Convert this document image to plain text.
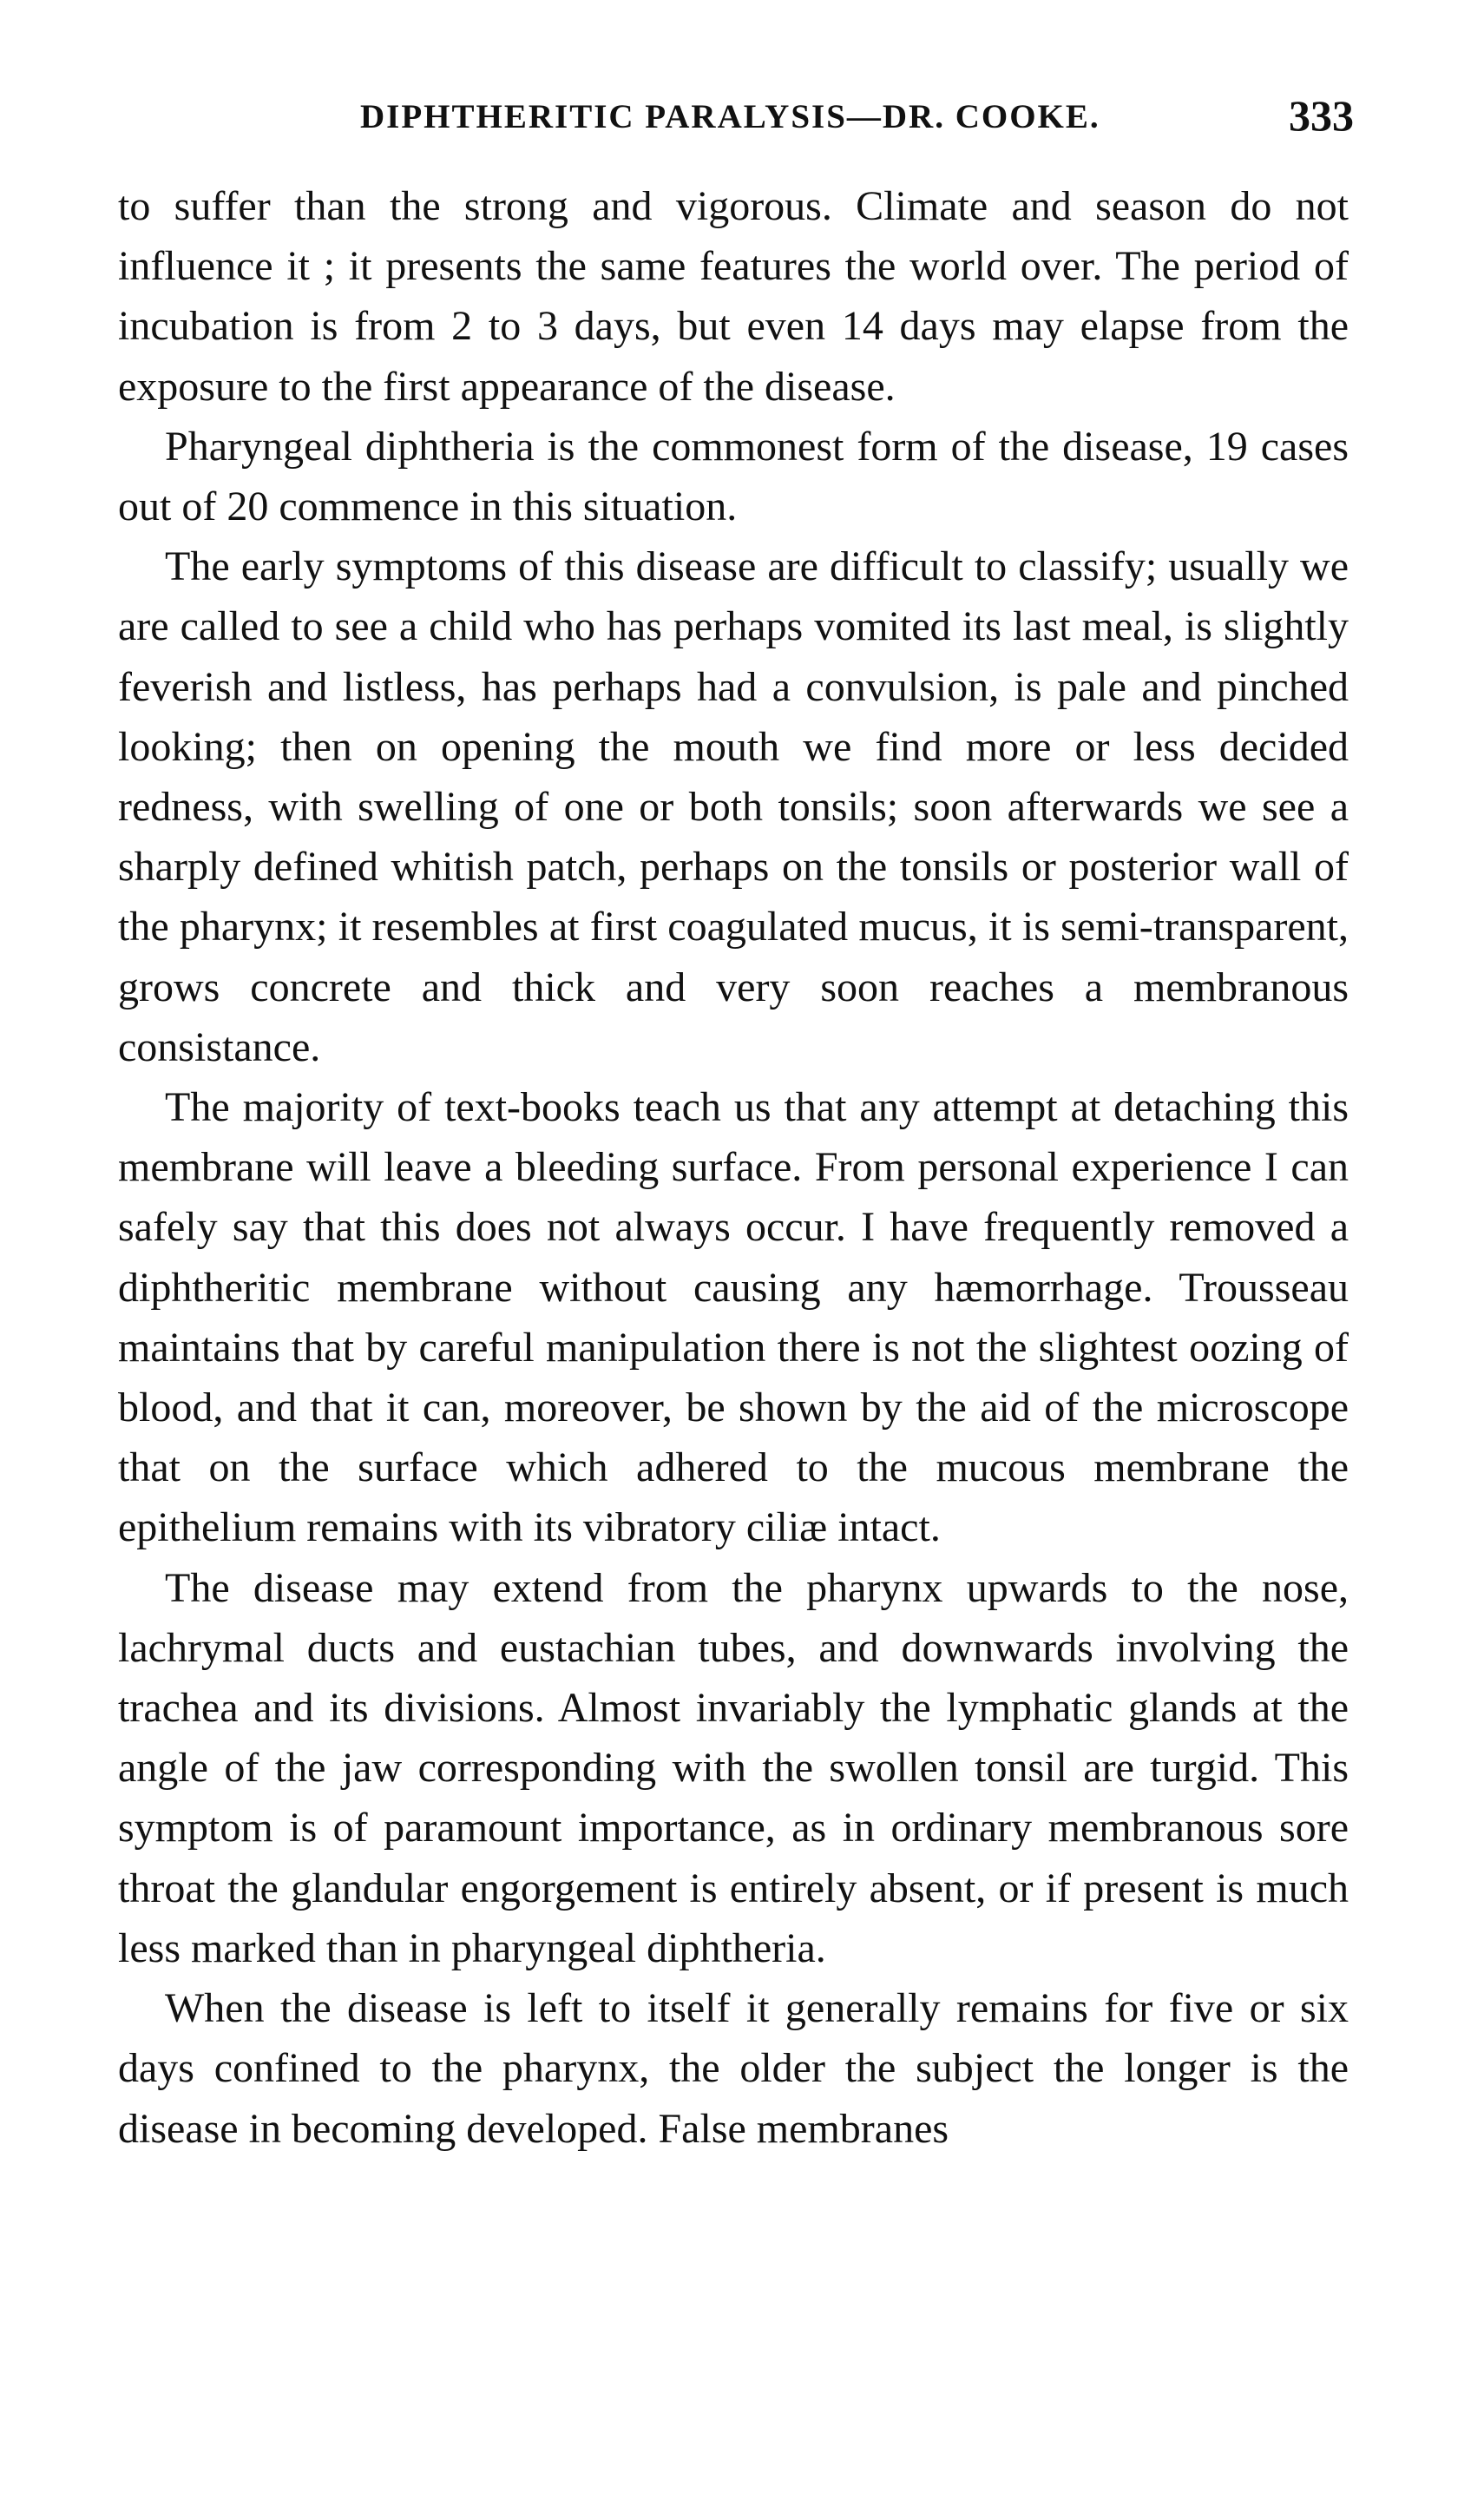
DIPHTHERITIC PARALYSIS—DR. COOKE.	333

to suffer than the strong and vigorous. Climate and season do not influence it ; it presents the same features the world over. The period of incubation is from 2 to 3 days, but even 14 days may elapse from the exposure to the first appearance of the disease.

Pharyngeal diphtheria is the commonest form of the disease, 19 cases out of 20 commence in this situation.

The early symptoms of this disease are difficult to classify; usually we are called to see a child who has perhaps vomited its last meal, is slightly feverish and listless, has perhaps had a convulsion, is pale and pinched looking; then on opening the mouth we find more or less decided redness, with swelling of one or both tonsils; soon afterwards we see a sharply defined whitish patch, perhaps on the tonsils or posterior wall of the pharynx; it resembles at first coagulated mucus, it is semi-transparent, grows concrete and thick and very soon reaches a membranous consistance.

The majority of text-books teach us that any attempt at detaching this membrane will leave a bleeding surface. From personal experience I can safely say that this does not always occur. I have frequently removed a diphtheritic membrane without causing any hæmorrhage. Trousseau maintains that by careful manipulation there is not the slightest oozing of blood, and that it can, moreover, be shown by the aid of the microscope that on the surface which adhered to the mucous membrane the epithelium remains with its vibratory ciliæ intact.

The disease may extend from the pharynx upwards to the nose, lachrymal ducts and eustachian tubes, and downwards involving the trachea and its divisions. Almost invariably the lymphatic glands at the angle of the jaw corresponding with the swollen tonsil are turgid. This symptom is of paramount importance, as in ordinary membranous sore throat the glandular engorgement is entirely absent, or if present is much less marked than in pharyngeal diphtheria.

When the disease is left to itself it generally remains for five or six days confined to the pharynx, the older the subject the longer is the disease in becoming developed. False membranes
